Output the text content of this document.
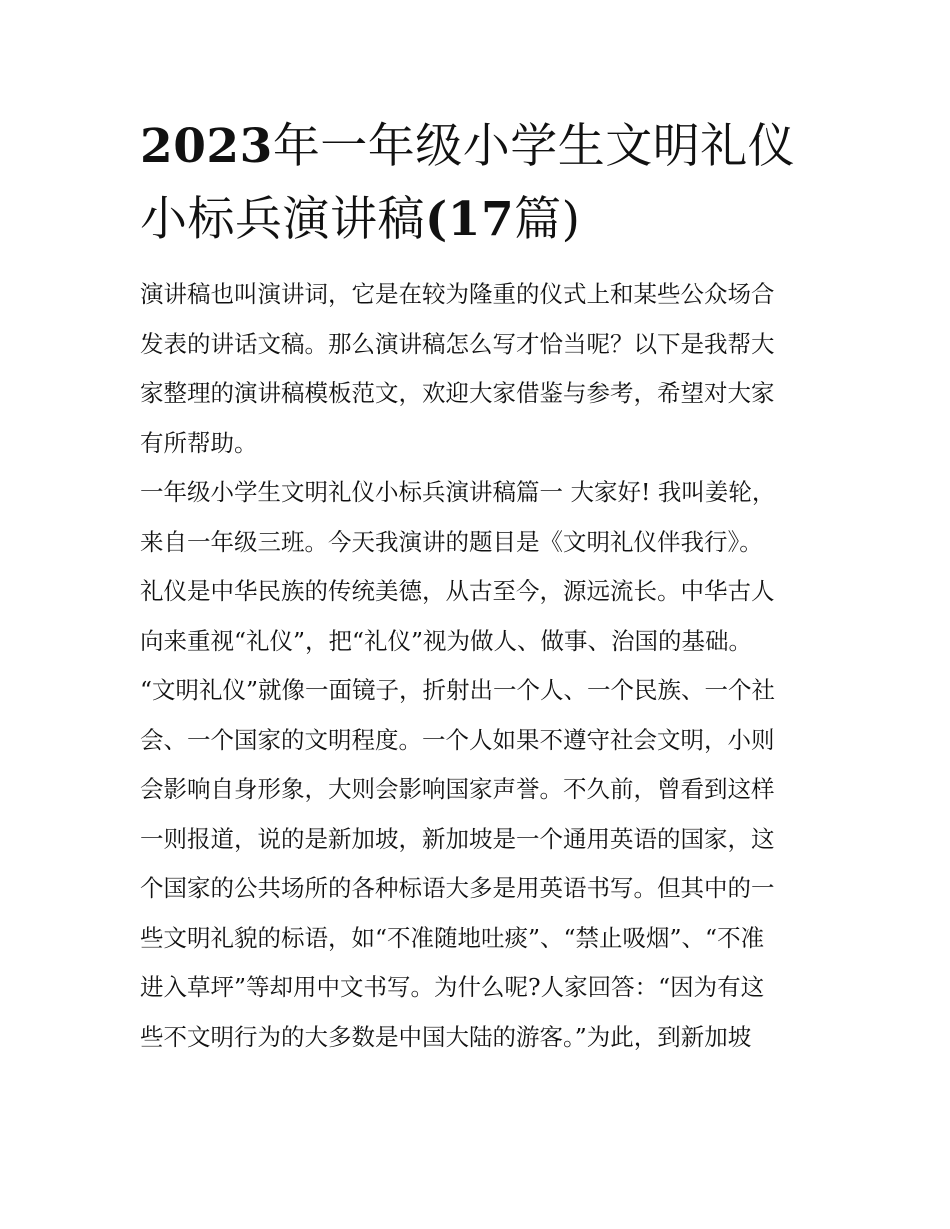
2023年一年级小学生文明礼仪
小标兵演讲稿(17篇)
演讲稿也叫演讲词，它是在较为隆重的仪式上和某些公众场合
发表的讲话文稿。那么演讲稿怎么写才恰当呢？以下是我帮大
家整理的演讲稿模板范文，欢迎大家借鉴与参考，希望对大家
有所帮助。
一年级小学生文明礼仪小标兵演讲稿篇一 大家好! 我叫姜轮，
来自一年级三班。今天我演讲的题目是《文明礼仪伴我行》。
礼仪是中华民族的传统美德，从古至今，源远流长。中华古人
向来重视“礼仪”，把“礼仪”视为做人、做事、治国的基础。
“文明礼仪”就像一面镜子，折射出一个人、一个民族、一个社
会、一个国家的文明程度。一个人如果不遵守社会文明，小则
会影响自身形象，大则会影响国家声誉。不久前，曾看到这样
一则报道，说的是新加坡，新加坡是一个通用英语的国家，这
个国家的公共场所的各种标语大多是用英语书写。但其中的一
些文明礼貌的标语，如“不准随地吐痰”、“禁止吸烟”、“不准
进入草坪”等却用中文书写。为什么呢?人家回答：“因为有这
些不文明行为的大多数是中国大陆的游客。”为此，到新加坡
